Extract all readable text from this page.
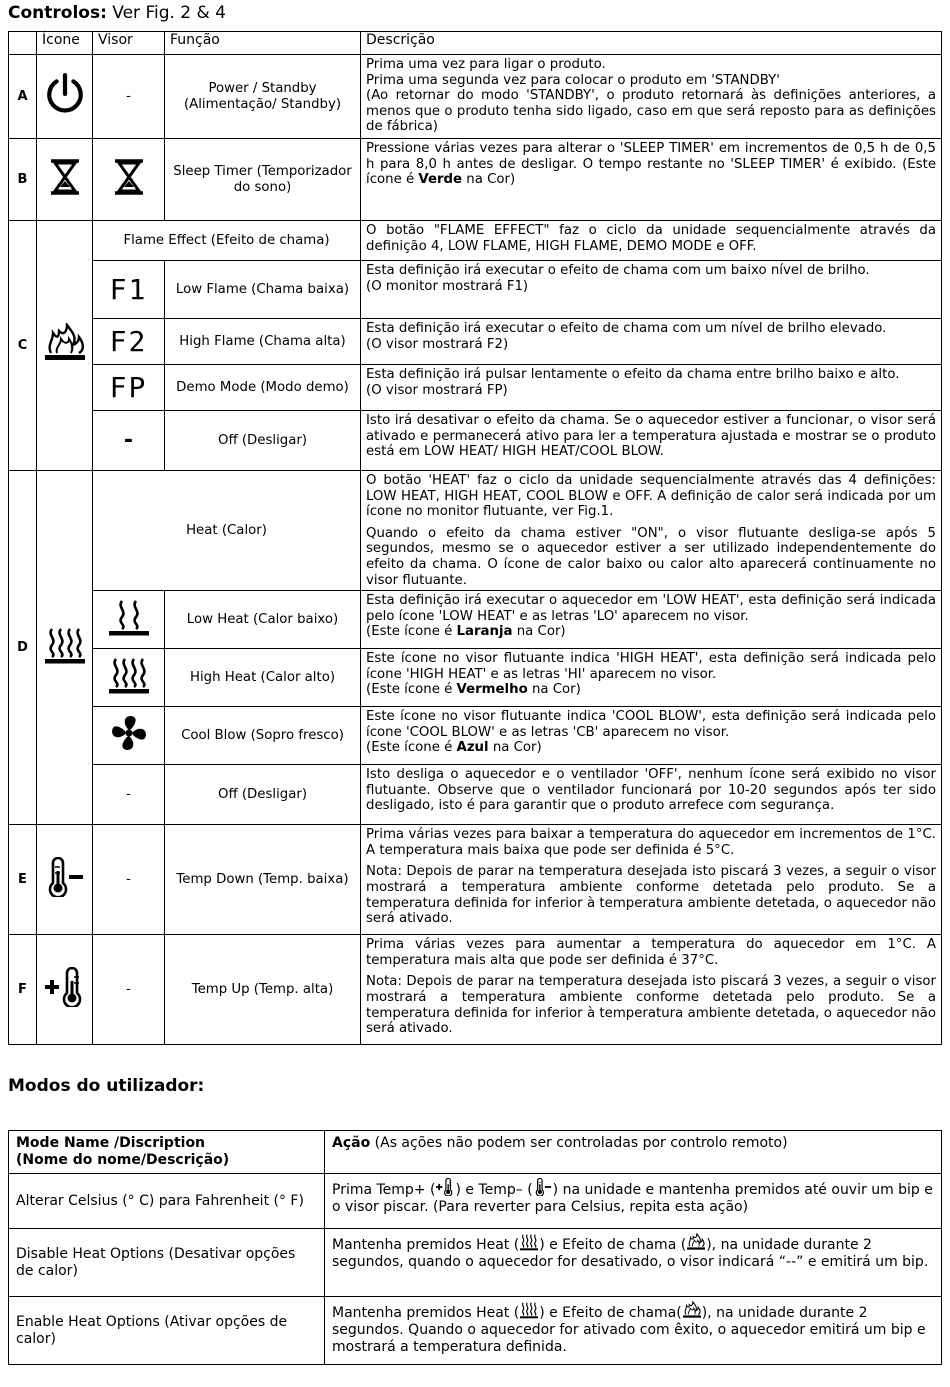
Controlos: Ver Fig. 2 & 4
	Ícone	Visor	Função	Descrição
A		-	Power / Standby (Alimentação/ Standby)	Prima uma vez para ligar o produto.
Prima uma segunda vez para colocar o produto em 'STANDBY'
(Ao retornar do modo 'STANDBY', o produto retornará às definições anteriores, a menos que o produto tenha sido ligado, caso em que será reposto para as definições de fábrica)

B			Sleep Timer (Temporizador do sono)	Pressione várias vezes para alterar o 'SLEEP TIMER' em incrementos de 0,5 h de 0,5 h para 8,0 h antes de desligar. O tempo restante no 'SLEEP TIMER' é exibido. (Este ícone é Verde na Cor)
C		Flame Effect (Efeito de chama)		O botão "FLAME EFFECT" faz o ciclo da unidade sequencialmente através da definição 4, LOW FLAME, HIGH FLAME, DEMO MODE e OFF.
		F1	Low Flame (Chama baixa)	Esta definição irá executar o efeito de chama com um baixo nível de brilho.
(O monitor mostrará F1)

		F2	High Flame (Chama alta)	Esta definição irá executar o efeito de chama com um nível de brilho elevado.
(O visor mostrará F2)

		FP	Demo Mode (Modo demo)	Esta definição irá pulsar lentamente o efeito da chama entre brilho baixo e alto.
(O visor mostrará FP)

		-	Off (Desligar)	Isto irá desativar o efeito da chama. Se o aquecedor estiver a funcionar, o visor será ativado e permanecerá ativo para ler a temperatura ajustada e mostrar se o produto está em LOW HEAT/ HIGH HEAT/COOL BLOW.
D		Heat (Calor)		O botão 'HEAT' faz o ciclo da unidade sequencialmente através das 4 definições: LOW HEAT, HIGH HEAT, COOL BLOW e OFF. A definição de calor será indicada por um ícone no monitor flutuante, ver Fig.1.
Quando o efeito da chama estiver "ON", o visor flutuante desliga-se após 5 segundos, mesmo se o aquecedor estiver a ser utilizado independentemente do efeito da chama. O ícone de calor baixo ou calor alto aparecerá continuamente no visor flutuante.

	Low Heat (Calor baixo)	Esta definição irá executar o aquecedor em 'LOW HEAT', esta definição será indicada pelo ícone 'LOW HEAT' e as letras 'LO' aparecem no visor.
(Este ícone é Laranja na Cor)

	High Heat (Calor alto)	Este ícone no visor flutuante indica 'HIGH HEAT', esta definição será indicada pelo ícone 'HIGH HEAT' e as letras 'HI' aparecem no visor.
(Este ícone é Vermelho na Cor)

	Cool Blow (Sopro fresco)	Este ícone no visor flutuante indica 'COOL BLOW', esta definição será indicada pelo ícone 'COOL BLOW' e as letras 'CB' aparecem no visor.
(Este ícone é Azul na Cor)

		-	Off (Desligar)	Isto desliga o aquecedor e o ventilador 'OFF', nenhum ícone será exibido no visor flutuante. Observe que o ventilador funcionará por 10-20 segundos após ter sido desligado, isto é para garantir que o produto arrefece com segurança.
E		-	Temp Down (Temp. baixa)	Prima várias vezes para baixar a temperatura do aquecedor em incrementos de 1°C. A temperatura mais baixa que pode ser definida é 5°C.
Nota: Depois de parar na temperatura desejada isto piscará 3 vezes, a seguir o visor mostrará a temperatura ambiente conforme detetada pelo produto. Se a temperatura definida for inferior à temperatura ambiente detetada, o aquecedor não será ativado.

F		-	Temp Up (Temp. alta)	Prima várias vezes para aumentar a temperatura do aquecedor em 1°C. A temperatura mais alta que pode ser definida é 37°C.
Nota: Depois de parar na temperatura desejada isto piscará 3 vezes, a seguir o visor mostrará a temperatura ambiente conforme detetada pelo produto. Se a temperatura definida for inferior à temperatura ambiente detetada, o aquecedor não será ativado.
Modos do utilizador:
Mode Name /Discription
(Nome do nome/Descrição)	Ação (As ações não podem ser controladas por controlo remoto)
Alterar Celsius (° C) para Fahrenheit (° F)	Prima Temp+ ( ) e Temp– ( ) na unidade e mantenha premidos até ouvir um bip e o visor piscar. (Para reverter para Celsius, repita esta ação)
Disable Heat Options (Desativar opções de calor)	Mantenha premidos Heat ( ) e Efeito de chama ( ), na unidade durante 2 segundos, quando o aquecedor for desativado, o visor indicará “--” e emitirá um bip.
Enable Heat Options (Ativar opções de calor)	Mantenha premidos Heat ( ) e Efeito de chama( ), na unidade durante 2 segundos. Quando o aquecedor for ativado com êxito, o aquecedor emitirá um bip e mostrará a temperatura definida.
